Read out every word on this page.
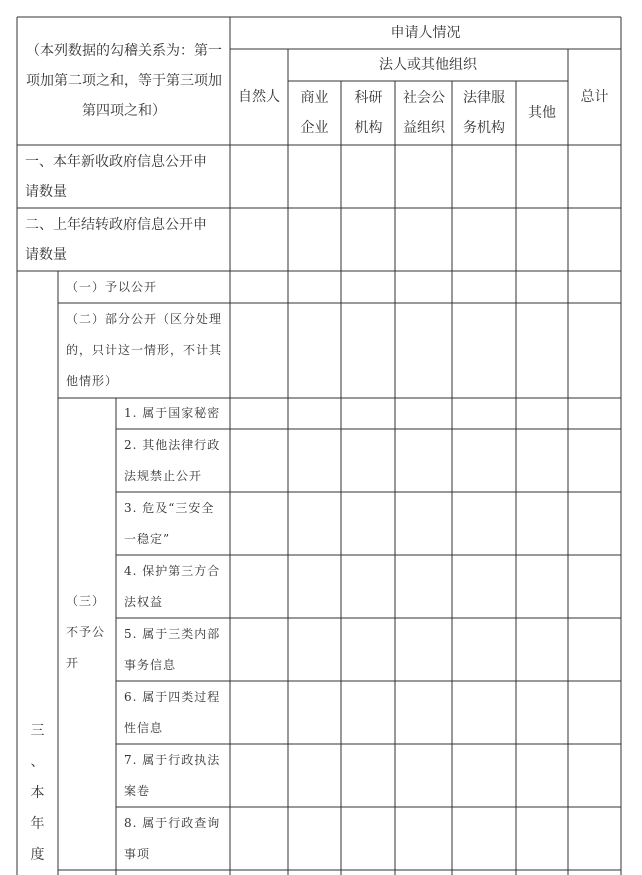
（本列数据的勾稽关系为：第一项加第二项之和，等于第三项加第四项之和）
申请人情况
自然人
法人或其他组织
总计
商业企业
科研机构
社会公益组织
法律服务机构
其他
一、本年新收政府信息公开申请数量
二、上年结转政府信息公开申请数量
三
、
本
年
度
（一）予以公开
（二）部分公开（区分处理的，只计这一情形，不计其他情形）
（三）不予公开
1. 属于国家秘密
2. 其他法律行政法规禁止公开
3. 危及“三安全一稳定”
4. 保护第三方合法权益
5. 属于三类内部事务信息
6. 属于四类过程性信息
7. 属于行政执法案卷
8. 属于行政查询事项
